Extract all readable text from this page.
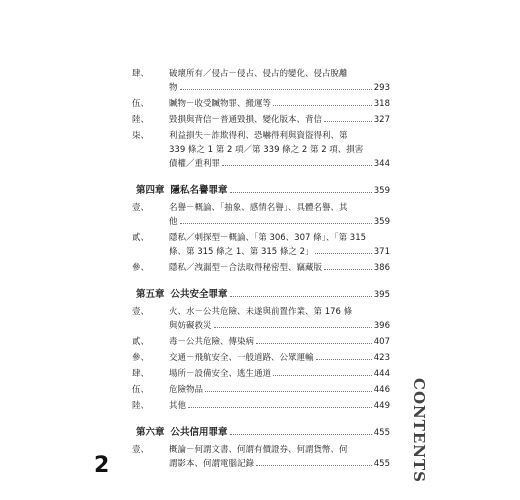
肆、 破壞所有／侵占－侵占、侵占的變化、侵占脫離
物	293
伍、 贓物－收受贓物罪、搬運等	318
陸、 毀損與背信－普通毀損、變化版本、背信	327
柒、 利益損失－詐欺得利、恐嚇得利與資盜得利、第
339 條之 1 第 2 項／第 339 條之 2 第 2 項、損害
債權／重利罪	344
第四章 隱私名譽罪章	359
壹、 名譽－概論、「抽象、感情名譽」、具體名譽、其
他	359
貳、 隱私／刺探型－概論、「第 306、307 條」、「第 315
條、第 315 條之 1、第 315 條之 2」	371
參、 隱私／洩漏型－合法取得秘密型、竊藏版	386
第五章 公共安全罪章	395
壹、 火、水－公共危險、未遂與前置作業、第 176 條
與妨礙救災	396
貳、 毒－公共危險、傳染病	407
參、 交通－飛航安全、一般道路、公眾運輸	423
肆、 場所－設備安全、逃生通道	444
伍、 危險物品	446
陸、 其他	449
第六章 公共信用罪章	455
壹、 概論－何謂文書、何謂有價證券、何謂貨幣、何
謂影本、何謂電腦記錄	455
2	CONTENTS
